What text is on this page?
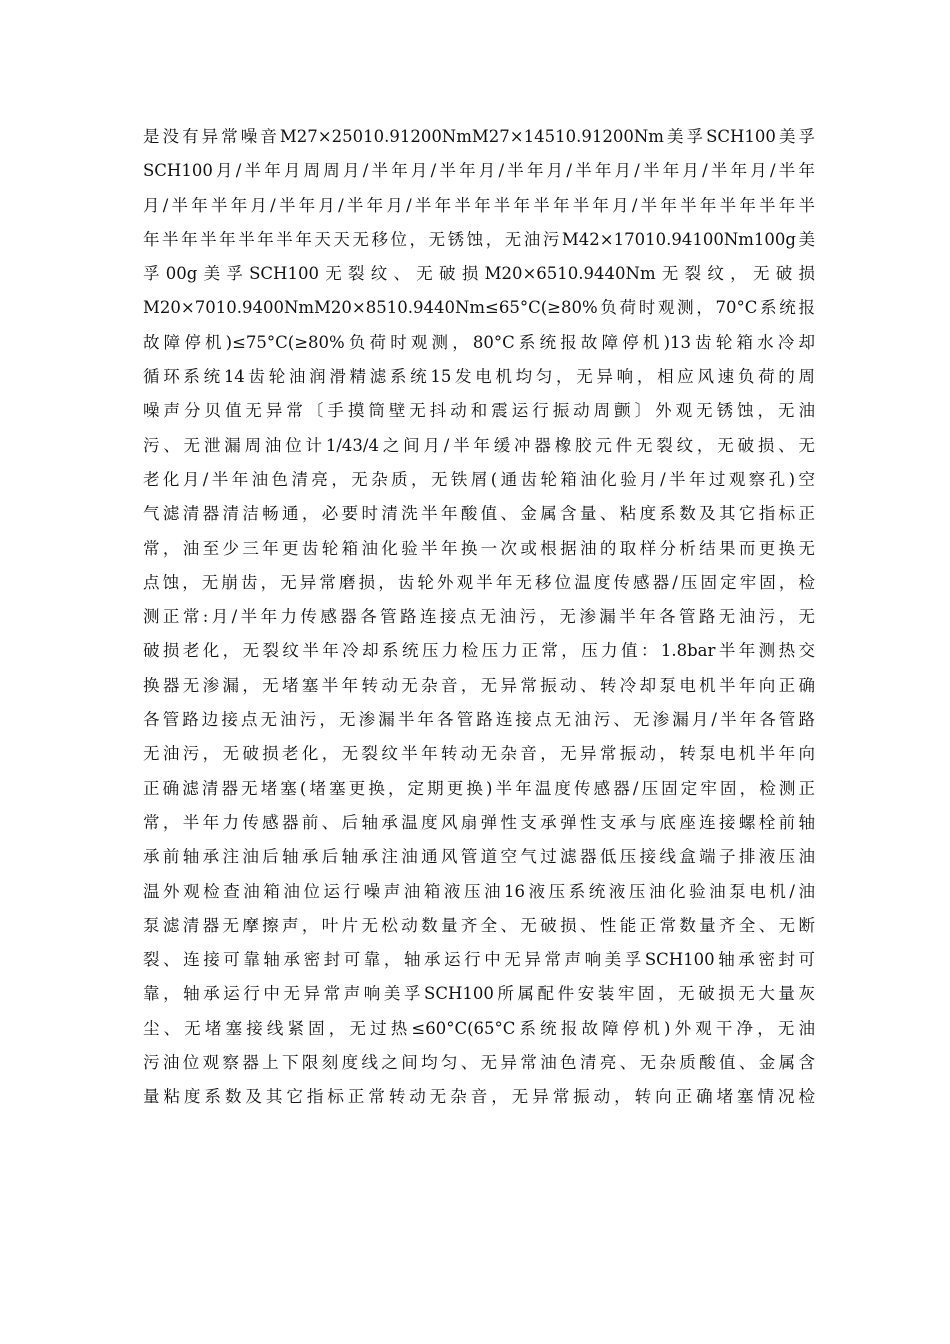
是没有异常噪音M27×25010.91200NmM27×14510.91200Nm美孚SCH100美孚
SCH100月/半年月周周月/半年月/半年月/半年月/半年月/半年月/半年月/半年
月/半年半年月/半年月/半年月/半年半年半年半年半年月/半年半年半年半年半
年半年半年半年半年天天无移位，无锈蚀，无油污M42×17010.94100Nm100g美
孚00g美孚SCH100无裂纹、无破损M20×6510.9440Nm无裂纹，无破损
M20×7010.9400NmM20×8510.9440Nm≤65°C(≥80%负荷时观测，70°C系统报
故障停机)≤75°C(≥80%负荷时观测，80°C系统报故障停机)13齿轮箱水冷却
循环系统14齿轮油润滑精滤系统15发电机均匀，无异响，相应风速负荷的周
噪声分贝值无异常〔手摸筒壁无抖动和震运行振动周颤〕外观无锈蚀，无油
污、无泄漏周油位计1/43/4之间月/半年缓冲器橡胶元件无裂纹，无破损、无
老化月/半年油色清亮，无杂质，无铁屑(通齿轮箱油化验月/半年过观察孔)空
气滤清器清洁畅通，必要时清洗半年酸值、金属含量、粘度系数及其它指标正
常，油至少三年更齿轮箱油化验半年换一次或根据油的取样分析结果而更换无
点蚀，无崩齿，无异常磨损，齿轮外观半年无移位温度传感器/压固定牢固，检
测正常:月/半年力传感器各管路连接点无油污，无渗漏半年各管路无油污，无
破损老化，无裂纹半年冷却系统压力检压力正常，压力值：1.8bar半年测热交
换器无渗漏，无堵塞半年转动无杂音，无异常振动、转冷却泵电机半年向正确
各管路边接点无油污，无渗漏半年各管路连接点无油污、无渗漏月/半年各管路
无油污，无破损老化，无裂纹半年转动无杂音，无异常振动，转泵电机半年向
正确滤清器无堵塞(堵塞更换，定期更换)半年温度传感器/压固定牢固，检测正
常，半年力传感器前、后轴承温度风扇弹性支承弹性支承与底座连接螺栓前轴
承前轴承注油后轴承后轴承注油通风管道空气过滤器低压接线盒端子排液压油
温外观检查油箱油位运行噪声油箱液压油16液压系统液压油化验油泵电机/油
泵滤清器无摩擦声，叶片无松动数量齐全、无破损、性能正常数量齐全、无断
裂、连接可靠轴承密封可靠，轴承运行中无异常声响美孚SCH100轴承密封可
靠，轴承运行中无异常声响美孚SCH100所属配件安装牢固，无破损无大量灰
尘、无堵塞接线紧固，无过热≤60°C(65°C系统报故障停机)外观干净，无油
污油位观察器上下限刻度线之间均匀、无异常油色清亮、无杂质酸值、金属含
量粘度系数及其它指标正常转动无杂音，无异常振动，转向正确堵塞情况检
